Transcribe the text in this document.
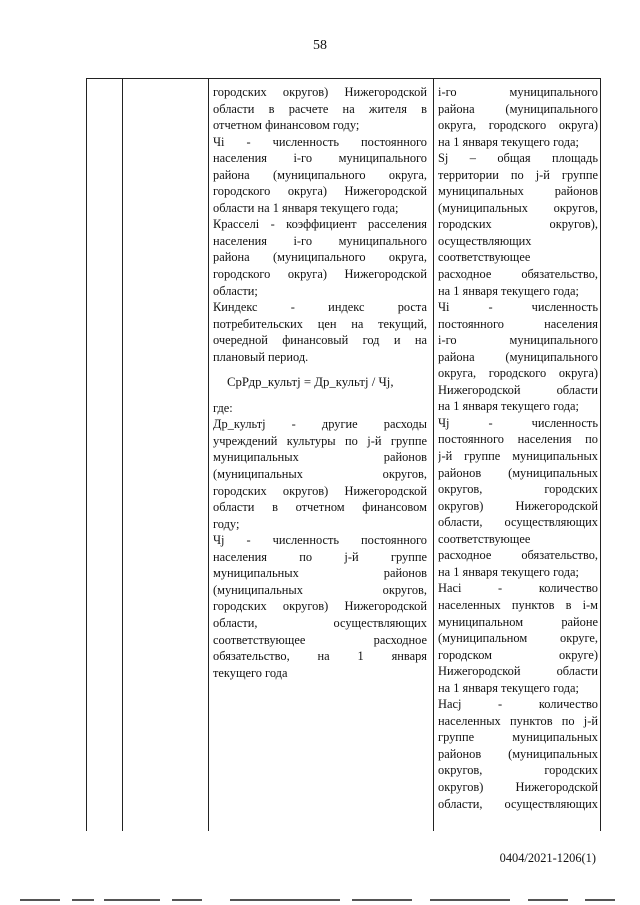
58
городских округов) Нижегородской
области в расчете на жителя в
отчетном финансовом году;
Чі - численность постоянного
населения і-го муниципального
района (муниципального округа,
городского округа) Нижегородской
области на 1 января текущего года;
Красселі - коэффициент расселения
населения і-го муниципального
района (муниципального округа,
городского округа) Нижегородской
области;
Киндекс - индекс роста
потребительских цен на текущий,
очередной финансовый год и на
плановый период.
СрРдр_культj = Др_культj / Чj,
где:
Др_культj - другие расходы
учреждений культуры по j-й группе
муниципальных районов
(муниципальных округов,
городских округов) Нижегородской
области в отчетном финансовом
году;
Чj - численность постоянного
населения по j-й группе
муниципальных районов
(муниципальных округов,
городских округов) Нижегородской
области, осуществляющих
соответствующее расходное
обязательство, на 1 января
текущего года
і-го муниципального
района (муниципального
округа, городского округа)
на 1 января текущего года;
Sj – общая площадь
территории по j-й группе
муниципальных районов
(муниципальных округов,
городских округов),
осуществляющих
соответствующее
расходное обязательство,
на 1 января текущего года;
Чі - численность
постоянного населения
і-го муниципального
района (муниципального
округа, городского округа)
Нижегородской области
на 1 января текущего года;
Чj - численность
постоянного населения по
j-й группе муниципальных
районов (муниципальных
округов, городских
округов) Нижегородской
области, осуществляющих
соответствующее
расходное обязательство,
на 1 января текущего года;
Насі - количество
населенных пунктов в і-м
муниципальном районе
(муниципальном округе,
городском округе)
Нижегородской области
на 1 января текущего года;
Насj - количество
населенных пунктов по j-й
группе муниципальных
районов (муниципальных
округов, городских
округов) Нижегородской
области, осуществляющих
0404/2021-1206(1)
